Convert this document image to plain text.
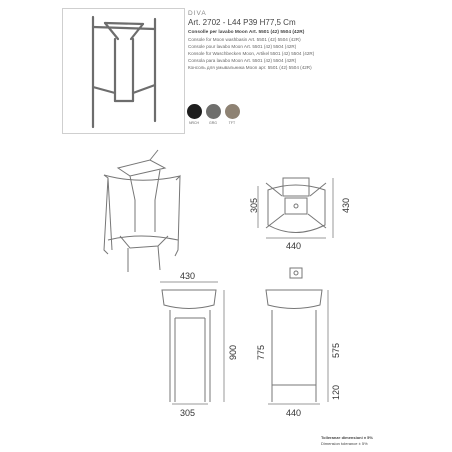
DIVA
Art. 2702 - L44 P39 H77,5 Cm
Consolle per lavabo Moon Art. 5501 (42) 5504 (42R)
Console for Moon washbasin Art. 5501 (42) 5504 (42R)
Console pour lavabo Moon Art. 5501 (42) 5504 (42R)
Konsole für Waschbecken Moon, Artikel 5501 (42) 5504 (42R)
Consola para lavabo Moon Art. 5501 (42) 5504 (42R)
Консоль для умывальника Moon арт. 5501 (42) 5504 (42R)
NRCH	GRG	TFT
305	430
440
430
900
305
775	575
120
440
Tolleranze dimensioni ± 5%
Dimension tolerance ± 5%
